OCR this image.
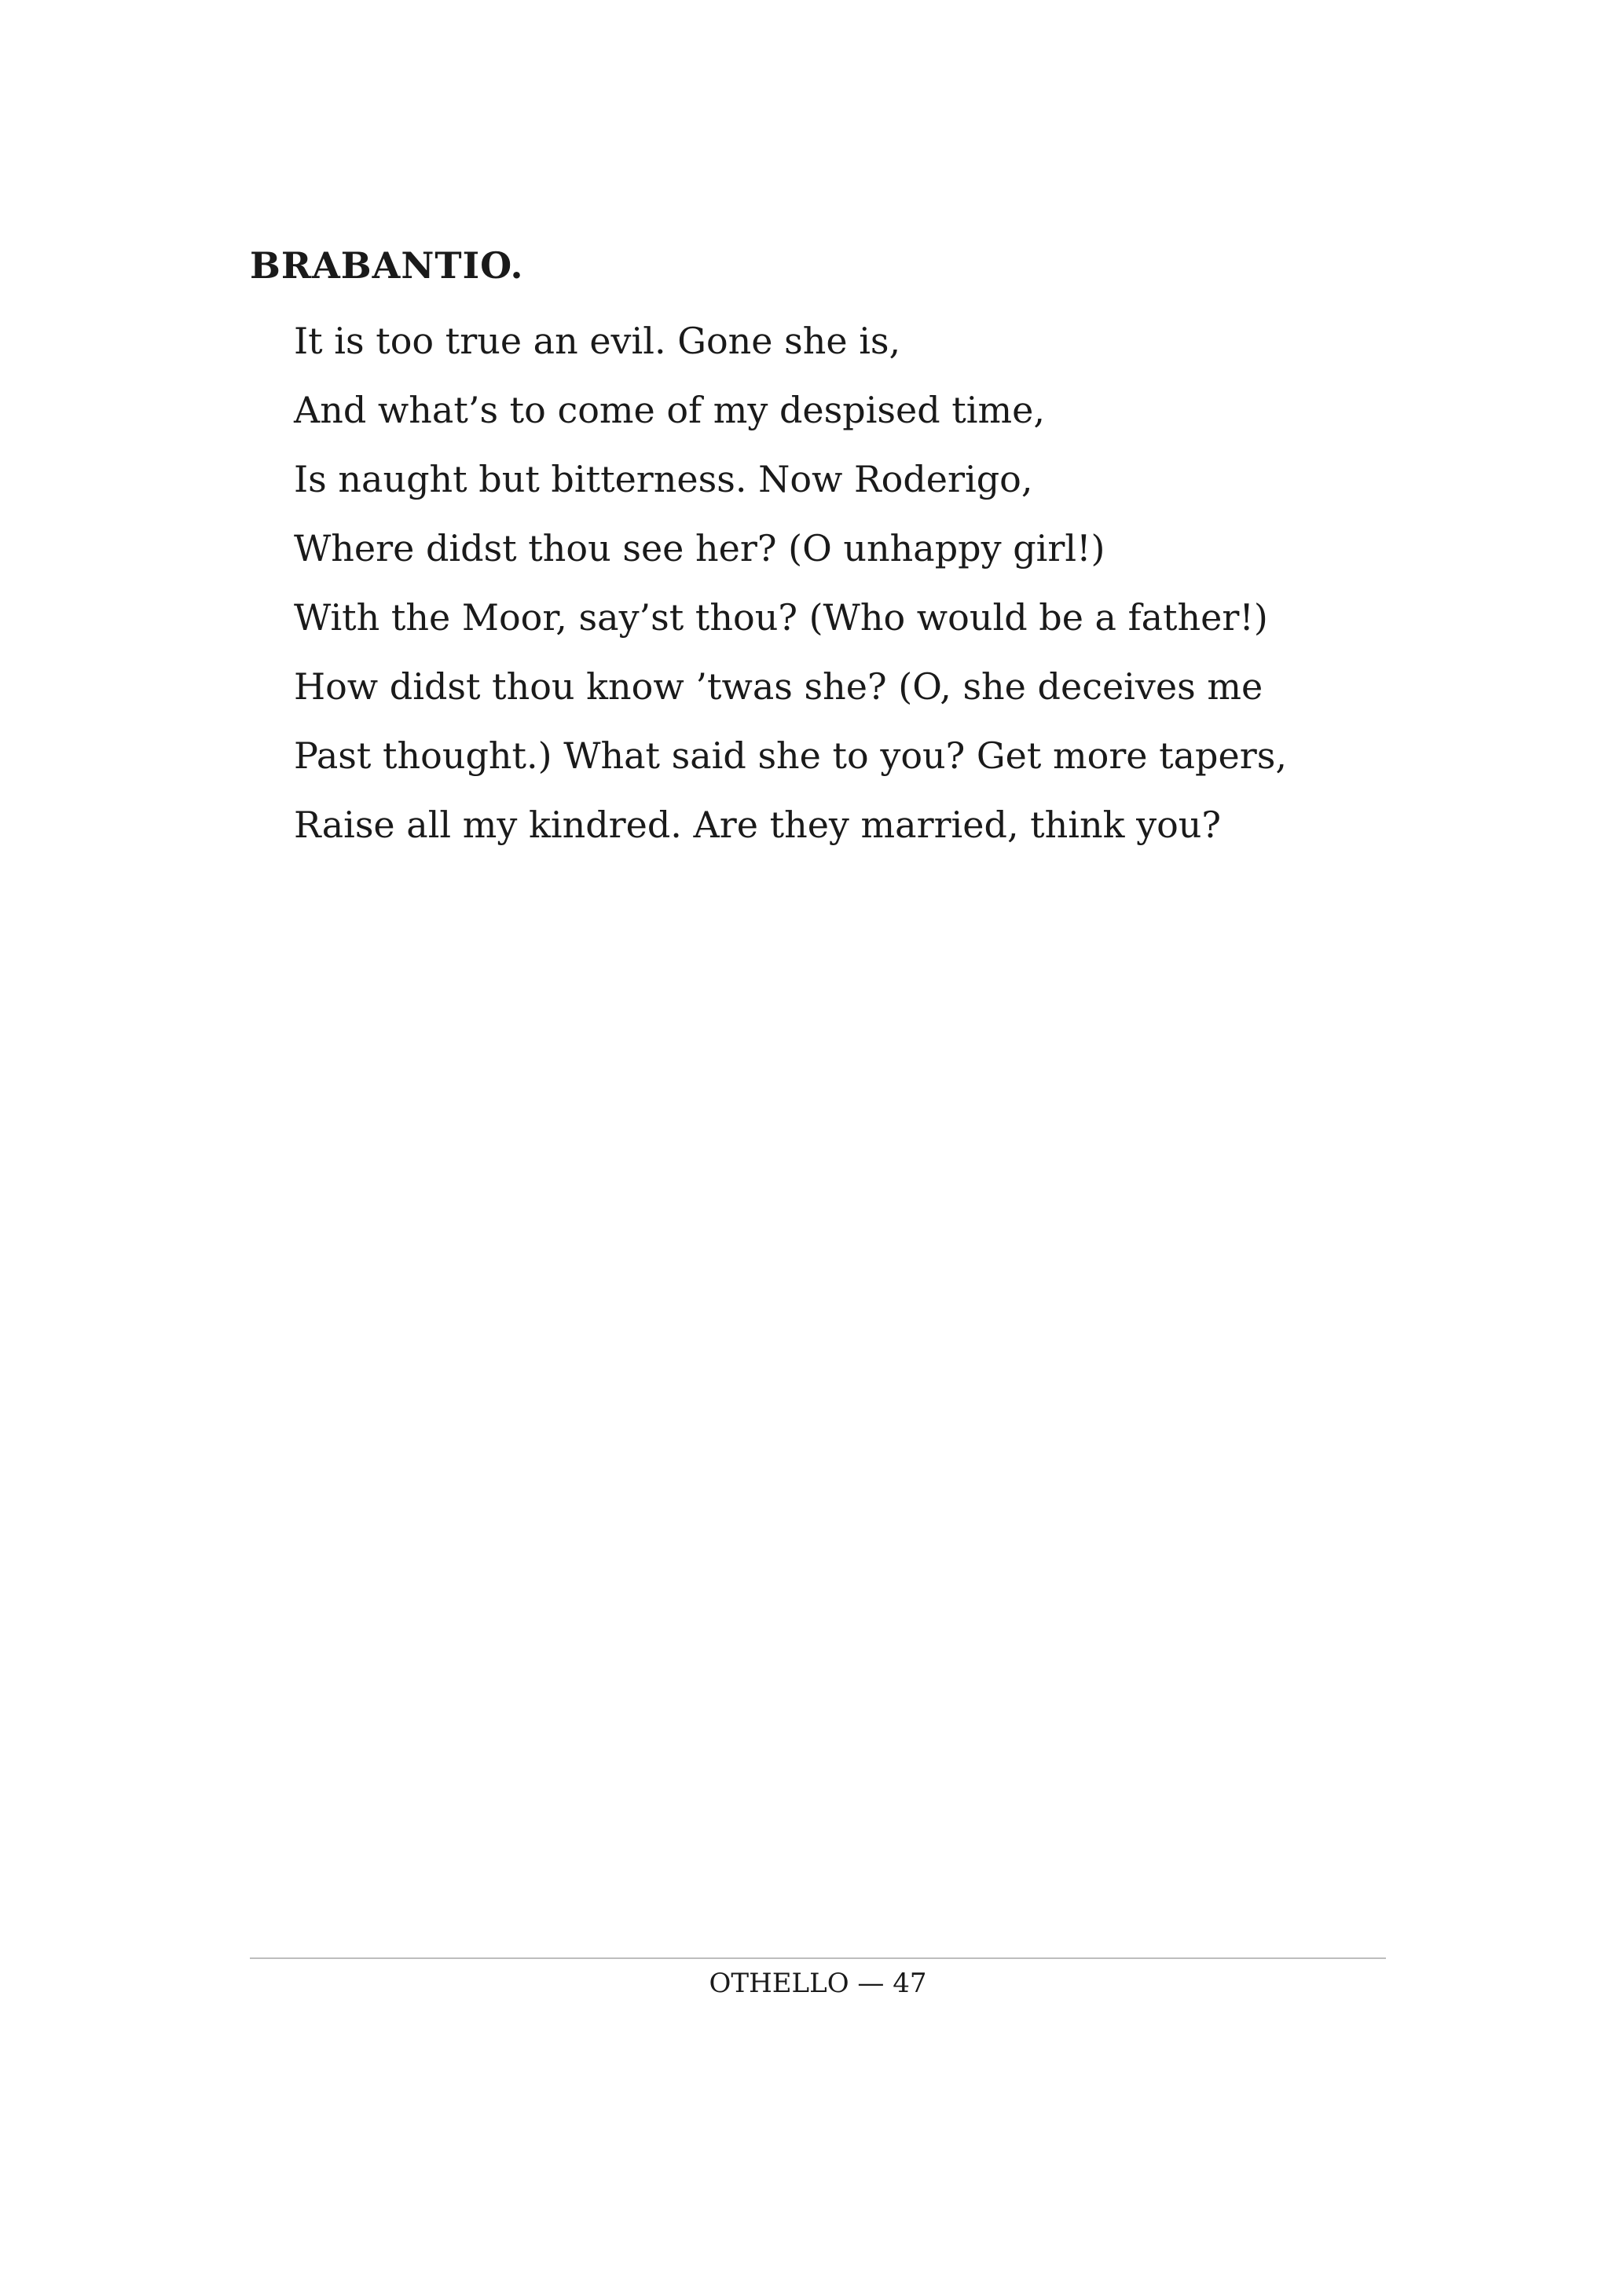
BRABANTIO.

It is too true an evil. Gone she is,
And what’s to come of my despised time,
Is naught but bitterness. Now Roderigo,
Where didst thou see her? (O unhappy girl!)
With the Moor, say’st thou? (Who would be a father!)
How didst thou know ’twas she? (O, she deceives me
Past thought.) What said she to you? Get more tapers,
Raise all my kindred. Are they married, think you?
OTHELLO — 47
